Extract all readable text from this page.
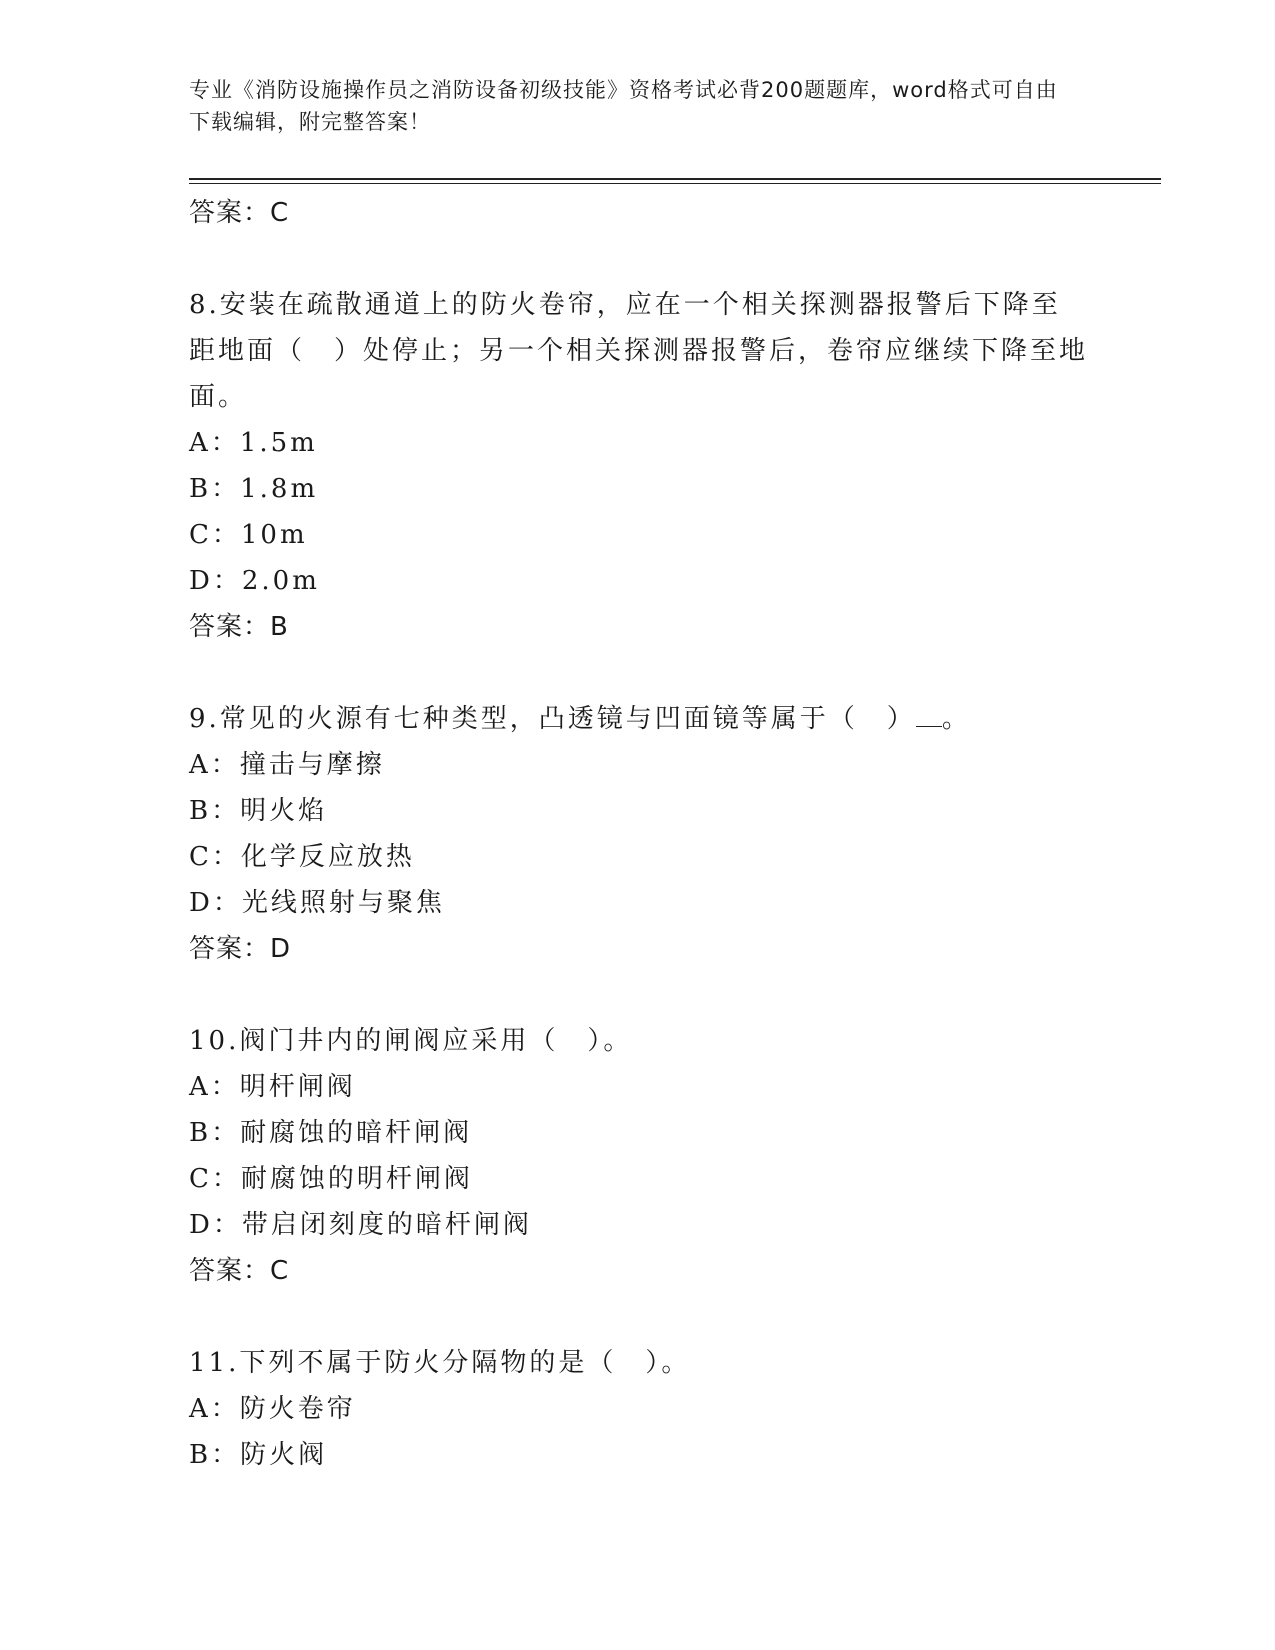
专业《消防设施操作员之消防设备初级技能》资格考试必背200题题库，word格式可自由下载编辑，附完整答案！
答案：C
8.安装在疏散通道上的防火卷帘，应在一个相关探测器报警后下降至距地面（　）处停止；另一个相关探测器报警后，卷帘应继续下降至地面。
A：1.5m
B：1.8m
C：10m
D：2.0m
答案：B
9.常见的火源有七种类型，凸透镜与凹面镜等属于（　） 。
A：撞击与摩擦
B：明火焰
C：化学反应放热
D：光线照射与聚焦
答案：D
10.阀门井内的闸阀应采用（　）。
A：明杆闸阀
B：耐腐蚀的暗杆闸阀
C：耐腐蚀的明杆闸阀
D：带启闭刻度的暗杆闸阀
答案：C
11.下列不属于防火分隔物的是（　）。
A：防火卷帘
B：防火阀
